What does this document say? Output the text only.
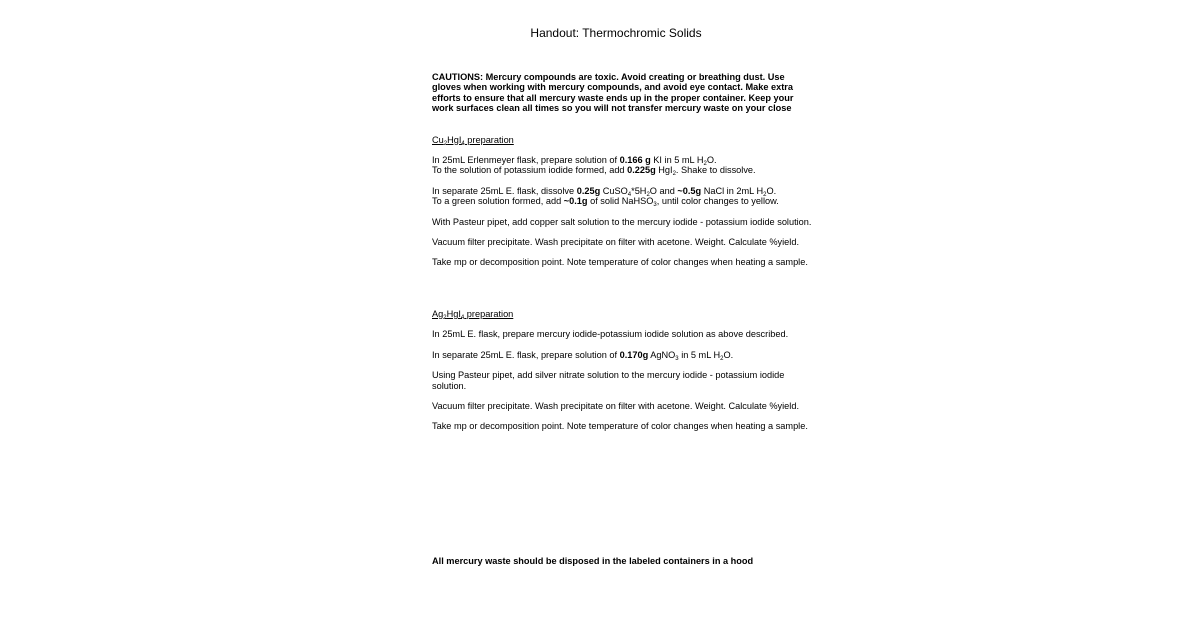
Handout: Thermochromic Solids

CAUTIONS: Mercury compounds are toxic. Avoid creating or breathing dust. Use gloves when working with mercury compounds, and avoid eye contact. Make extra efforts to ensure that all mercury waste ends up in the proper container. Keep your work surfaces clean all times so you will not transfer mercury waste on your close

$Cu_2HgI_4$ preparation

In 25mL Erlenmeyer flask, prepare solution of 0.166 g KI in 5 mL $H_2O$.
To the solution of potassium iodide formed, add 0.225g HgI$_2$. Shake to dissolve.

In separate 25mL E. flask, dissolve 0.25g $CuSO_4*5H_2O$ and ~0.5g NaCl in 2mL $H_2O$.
To a green solution formed, add ~0.1g of solid NaHSO$_3$, until color changes to yellow.

With Pasteur pipet, add copper salt solution to the mercury iodide - potassium iodide solution.

Vacuum filter precipitate. Wash precipitate on filter with acetone. Weight. Calculate %yield.

Take mp or decomposition point. Note temperature of color changes when heating a sample.

$Ag_2HgI_4$ preparation

In 25mL E. flask, prepare mercury iodide-potassium iodide solution as above described.

In separate 25mL E. flask, prepare solution of 0.170g AgNO$_3$ in 5 mL $H_2O$.

Using Pasteur pipet, add silver nitrate solution to the mercury iodide - potassium iodide solution.

Vacuum filter precipitate. Wash precipitate on filter with acetone. Weight. Calculate %yield.

Take mp or decomposition point. Note temperature of color changes when heating a sample.

All mercury waste should be disposed in the labeled containers in a hood
